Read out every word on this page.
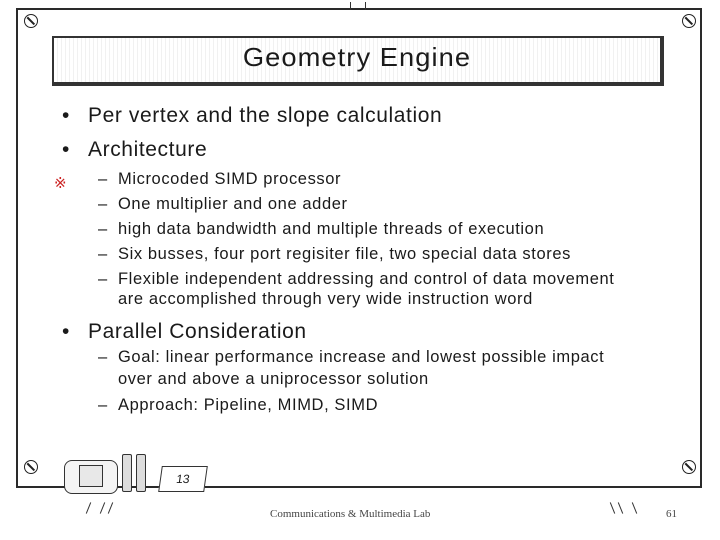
Geometry Engine
• Per vertex and the slope calculation
• Architecture
※ – Microcoded SIMD processor
– One multiplier and one adder
– high data bandwidth and multiple threads of execution
– Six busses, four port regisiter file, two special data stores
– Flexible independent addressing and control of data movement
are accomplished through very wide instruction word
• Parallel Consideration
– Goal: linear performance increase and lowest possible impact
over and above a uniprocessor solution
– Approach: Pipeline, MIMD, SIMD
13
Communications & Multimedia Lab	61
